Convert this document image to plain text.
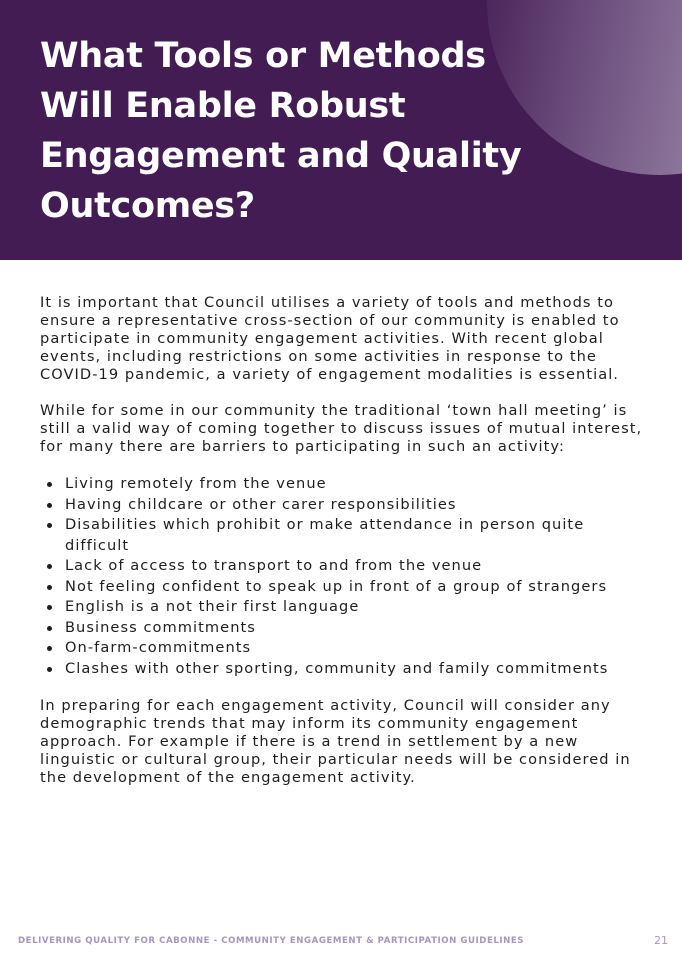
What Tools or Methods Will Enable Robust Engagement and Quality Outcomes?

It is important that Council utilises a variety of tools and methods to ensure a representative cross-section of our community is enabled to participate in community engagement activities. With recent global events, including restrictions on some activities in response to the COVID-19 pandemic, a variety of engagement modalities is essential.

While for some in our community the traditional ‘town hall meeting’ is still a valid way of coming together to discuss issues of mutual interest, for many there are barriers to participating in such an activity:

Living remotely from the venue
Having childcare or other carer responsibilities
Disabilities which prohibit or make attendance in person quite difficult
Lack of access to transport to and from the venue
Not feeling confident to speak up in front of a group of strangers
English is a not their first language
Business commitments
On-farm-commitments
Clashes with other sporting, community and family commitments

In preparing for each engagement activity, Council will consider any demographic trends that may inform its community engagement approach. For example if there is a trend in settlement by a new linguistic or cultural group, their particular needs will be considered in the development of the engagement activity.

DELIVERING QUALITY FOR CABONNE - COMMUNITY ENGAGEMENT & PARTICIPATION GUIDELINES	21
